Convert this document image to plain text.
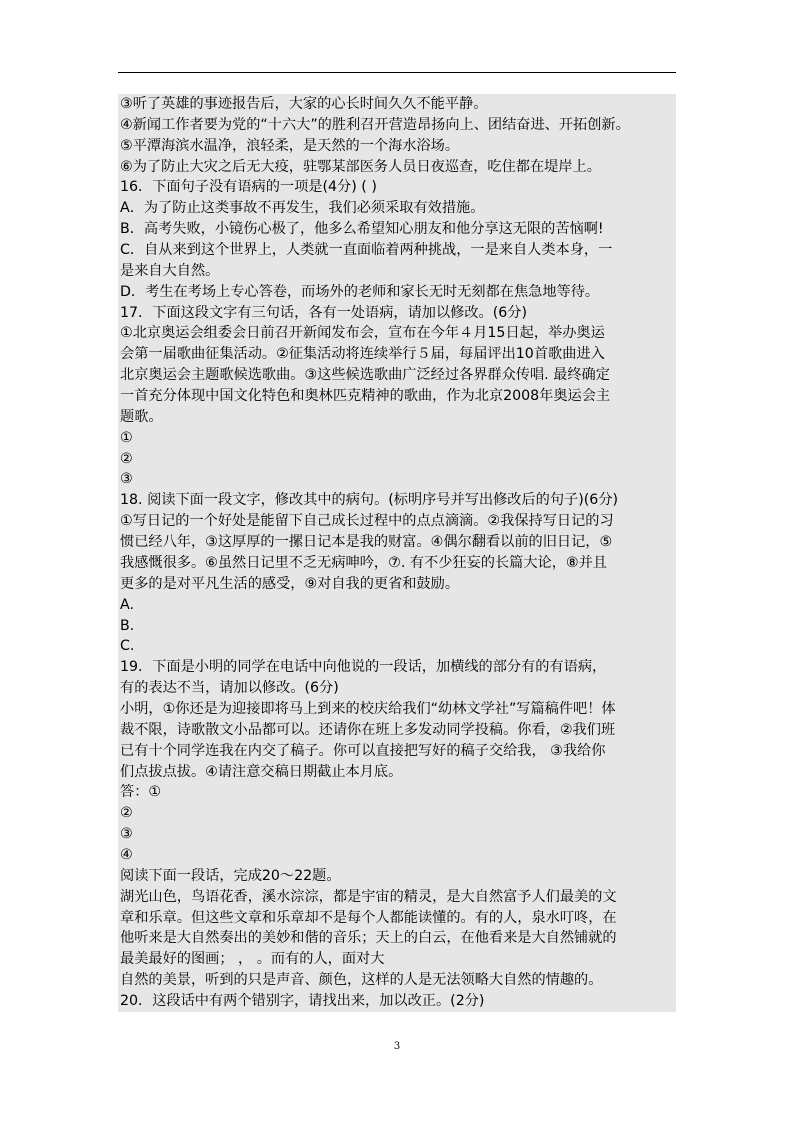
③听了英雄的事迹报告后，大家的心长时间久久不能平静。
④新闻工作者要为党的“十六大”的胜利召开营造昂扬向上、团结奋进、开拓创新。
⑤平潭海滨水温净，浪轻柔，是天然的一个海水浴场。
⑥为了防止大灾之后无大疫，驻鄂某部医务人员日夜巡查，吃住都在堤岸上。
16．下面句子没有语病的一项是(4分) ( )
A．为了防止这类事故不再发生，我们必须采取有效措施。
B．高考失败，小镜伤心极了，他多么希望知心朋友和他分享这无限的苦恼啊!
C．自从来到这个世界上，人类就一直面临着两种挑战，一是来自人类本身，一
是来自大自然。
D．考生在考场上专心答卷，而场外的老师和家长无时无刻都在焦急地等待。
17．下面这段文字有三句话，各有一处语病，请加以修改。(6分)
①北京奥运会组委会日前召开新闻发布会，宣布在今年４月15日起，举办奥运
会第一届歌曲征集活动。②征集活动将连续举行５届，每届评出10首歌曲进入
北京奥运会主题歌候选歌曲。③这些候选歌曲广泛经过各界群众传唱. 最终确定
一首充分体现中国文化特色和奥林匹克精神的歌曲，作为北京2008年奥运会主
题歌。
①
②
③
18. 阅读下面一段文字，修改其中的病句。(标明序号并写出修改后的句子)(6分)
①写日记的一个好处是能留下自己成长过程中的点点滴滴。②我保持写日记的习
惯已经八年，③这厚厚的一摞日记本是我的财富。④偶尔翻看以前的旧日记，⑤
我感慨很多。⑥虽然日记里不乏无病呻吟，⑦. 有不少狂妄的长篇大论，⑧并且
更多的是对平凡生活的感受，⑨对自我的更省和鼓励。
A.
B.
C.
19．下面是小明的同学在电话中向他说的一段话，加横线的部分有的有语病，
有的表达不当，请加以修改。(6分)
小明，①你还是为迎接即将马上到来的校庆给我们“幼林文学社”写篇稿件吧！体
裁不限，诗歌散文小品都可以。还请你在班上多发动同学投稿。你看，②我们班
已有十个同学连我在内交了稿子。你可以直接把写好的稿子交给我， ③我给你
们点拔点拔。④请注意交稿日期截止本月底。
答：①
②
③
④
阅读下面一段话，完成20～22题。
湖光山色，鸟语花香，溪水淙淙，都是宇宙的精灵，是大自然富予人们最美的文
章和乐章。但这些文章和乐章却不是每个人都能读懂的。有的人，泉水叮咚，在
他听来是大自然奏出的美妙和偕的音乐；天上的白云，在他看来是大自然铺就的
最美最好的图画； ， 。而有的人，面对大
自然的美景，听到的只是声音、颜色，这样的人是无法领略大自然的情趣的。
20．这段话中有两个错别字，请找出来，加以改正。(2分)
3
